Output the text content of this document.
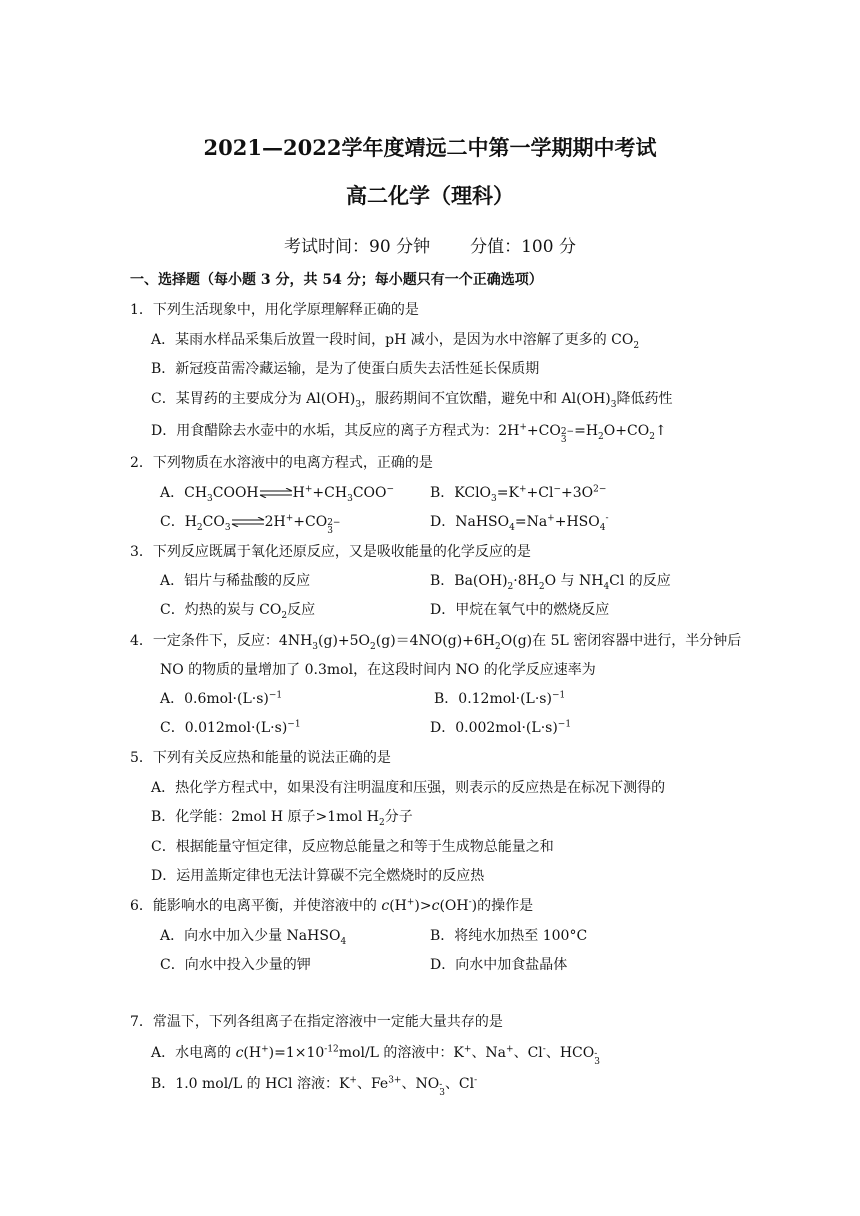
2021—2022学年度靖远二中第一学期期中考试
高二化学（理科）
考试时间：90 分钟 分值：100 分
一、选择题（每小题 3 分，共 54 分；每小题只有一个正确选项）
1．下列生活现象中，用化学原理解释正确的是
A．某雨水样品采集后放置一段时间，pH 减小，是因为水中溶解了更多的 $CO_2$
B．新冠疫苗需冷藏运输，是为了使蛋白质失去活性延长保质期
C．某胃药的主要成分为 $Al(OH)_3$，服药期间不宜饮醋，避免中和 $Al(OH)_3$降低药性
D．用食醋除去水壶中的水垢，其反应的离子方程式为：2H++CO 2−
3
$=H_2O+CO_2↑$
2．下列物质在水溶液中的电离方程式，正确的是
A．$CH_3COOH\rightleftharpoons H^++CH_3COO^-$	B．$KClO_3=K^++Cl^-+3O^{2-}$
C．$H_2CO_3$ ⇌2H++CO 2−
3
D．$NaHSO_4=Na^++HSO_4^-$
3．下列反应既属于氧化还原反应，又是吸收能量的化学反应的是
A．铝片与稀盐酸的反应	B．$Ba(OH)_2\cdot 8H_2O$ 与 $NH_4Cl$ 的反应
C．灼热的炭与 $CO_2$反应	D．甲烷在氧气中的燃烧反应
4．一定条件下，反应：$4NH_3(g)+5O_2(g)=4NO(g)+6H_2O(g)$在 5L 密闭容器中进行，半分钟后
NO 的物质的量增加了 0.3mol，在这段时间内 NO 的化学反应速率为
A．$0.6mol\cdot(L\cdot s)^{-1}$	B．$0.12mol\cdot(L\cdot s)^{-1}$
C．$0.012mol\cdot(L\cdot s)^{-1}$	D．$0.002mol\cdot(L\cdot s)^{-1}$
5．下列有关反应热和能量的说法正确的是
A．热化学方程式中，如果没有注明温度和压强，则表示的反应热是在标况下测得的
B．化学能：2mol H 原子>1mol $H_2$分子
C．根据能量守恒定律，反应物总能量之和等于生成物总能量之和
D．运用盖斯定律也无法计算碳不完全燃烧时的反应热
6．能影响水的电离平衡，并使溶液中的 c(H+)>c(OH-)的操作是
A．向水中加入少量 NaHSO$_4$	B．将纯水加热至 100°C
C．向水中投入少量的钾	D．向水中加食盐晶体
7．常温下，下列各组离子在指定溶液中一定能大量共存的是
A．水电离的 $c(H^+)=1\times 10^{-12}mol/L$ 的溶液中：K+、Na+、Cl-、HCO -
3
B．1.0 mol/L 的 HCl 溶液：K+、$Fe^{3+}$、NO -
3
、Cl-
